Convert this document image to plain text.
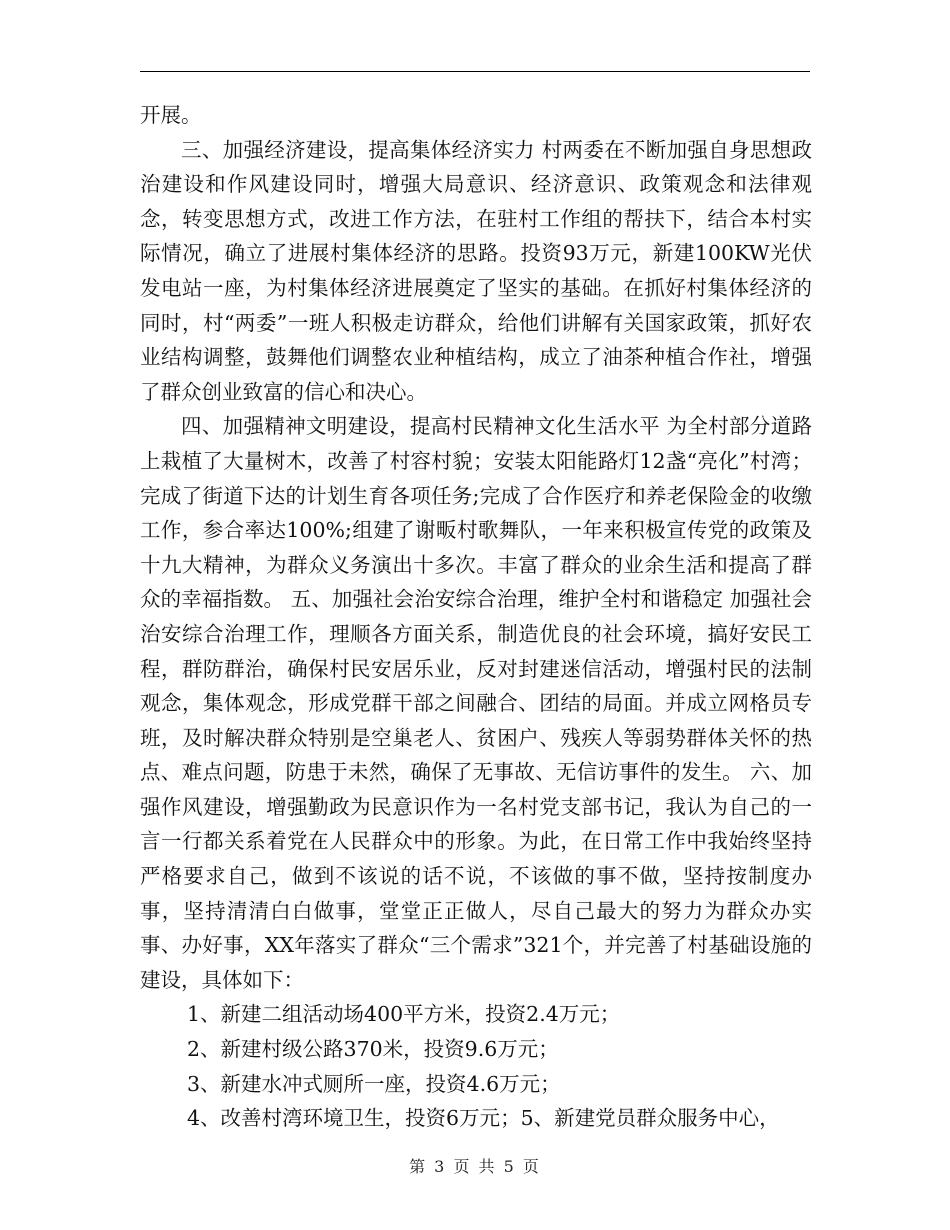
开展。

三、加强经济建设，提高集体经济实力 村两委在不断加强自身思想政治建设和作风建设同时，增强大局意识、经济意识、政策观念和法律观念，转变思想方式，改进工作方法，在驻村工作组的帮扶下，结合本村实际情况，确立了进展村集体经济的思路。投资93万元，新建100KW光伏发电站一座，为村集体经济进展奠定了坚实的基础。在抓好村集体经济的同时，村“两委”一班人积极走访群众，给他们讲解有关国家政策，抓好农业结构调整，鼓舞他们调整农业种植结构，成立了油茶种植合作社，增强了群众创业致富的信心和决心。

四、加强精神文明建设，提高村民精神文化生活水平 为全村部分道路上栽植了大量树木，改善了村容村貌；安装太阳能路灯12盏“亮化”村湾；完成了街道下达的计划生育各项任务;完成了合作医疗和养老保险金的收缴工作，参合率达100%;组建了谢畈村歌舞队，一年来积极宣传党的政策及十九大精神，为群众义务演出十多次。丰富了群众的业余生活和提高了群众的幸福指数。 五、加强社会治安综合治理，维护全村和谐稳定 加强社会治安综合治理工作，理顺各方面关系，制造优良的社会环境，搞好安民工程，群防群治，确保村民安居乐业，反对封建迷信活动，增强村民的法制观念，集体观念，形成党群干部之间融合、团结的局面。并成立网格员专班，及时解决群众特别是空巢老人、贫困户、残疾人等弱势群体关怀的热点、难点问题，防患于未然，确保了无事故、无信访事件的发生。 六、加强作风建设，增强勤政为民意识作为一名村党支部书记，我认为自己的一言一行都关系着党在人民群众中的形象。为此，在日常工作中我始终坚持严格要求自己，做到不该说的话不说，不该做的事不做，坚持按制度办事，坚持清清白白做事，堂堂正正做人，尽自己最大的努力为群众办实事、办好事，XX年落实了群众“三个需求”321个，并完善了村基础设施的建设，具体如下：

1、新建二组活动场400平方米，投资2.4万元；

2、新建村级公路370米，投资9.6万元；

3、新建水冲式厕所一座，投资4.6万元；

4、改善村湾环境卫生，投资6万元；5、新建党员群众服务中心，

第 3 页 共 5 页
